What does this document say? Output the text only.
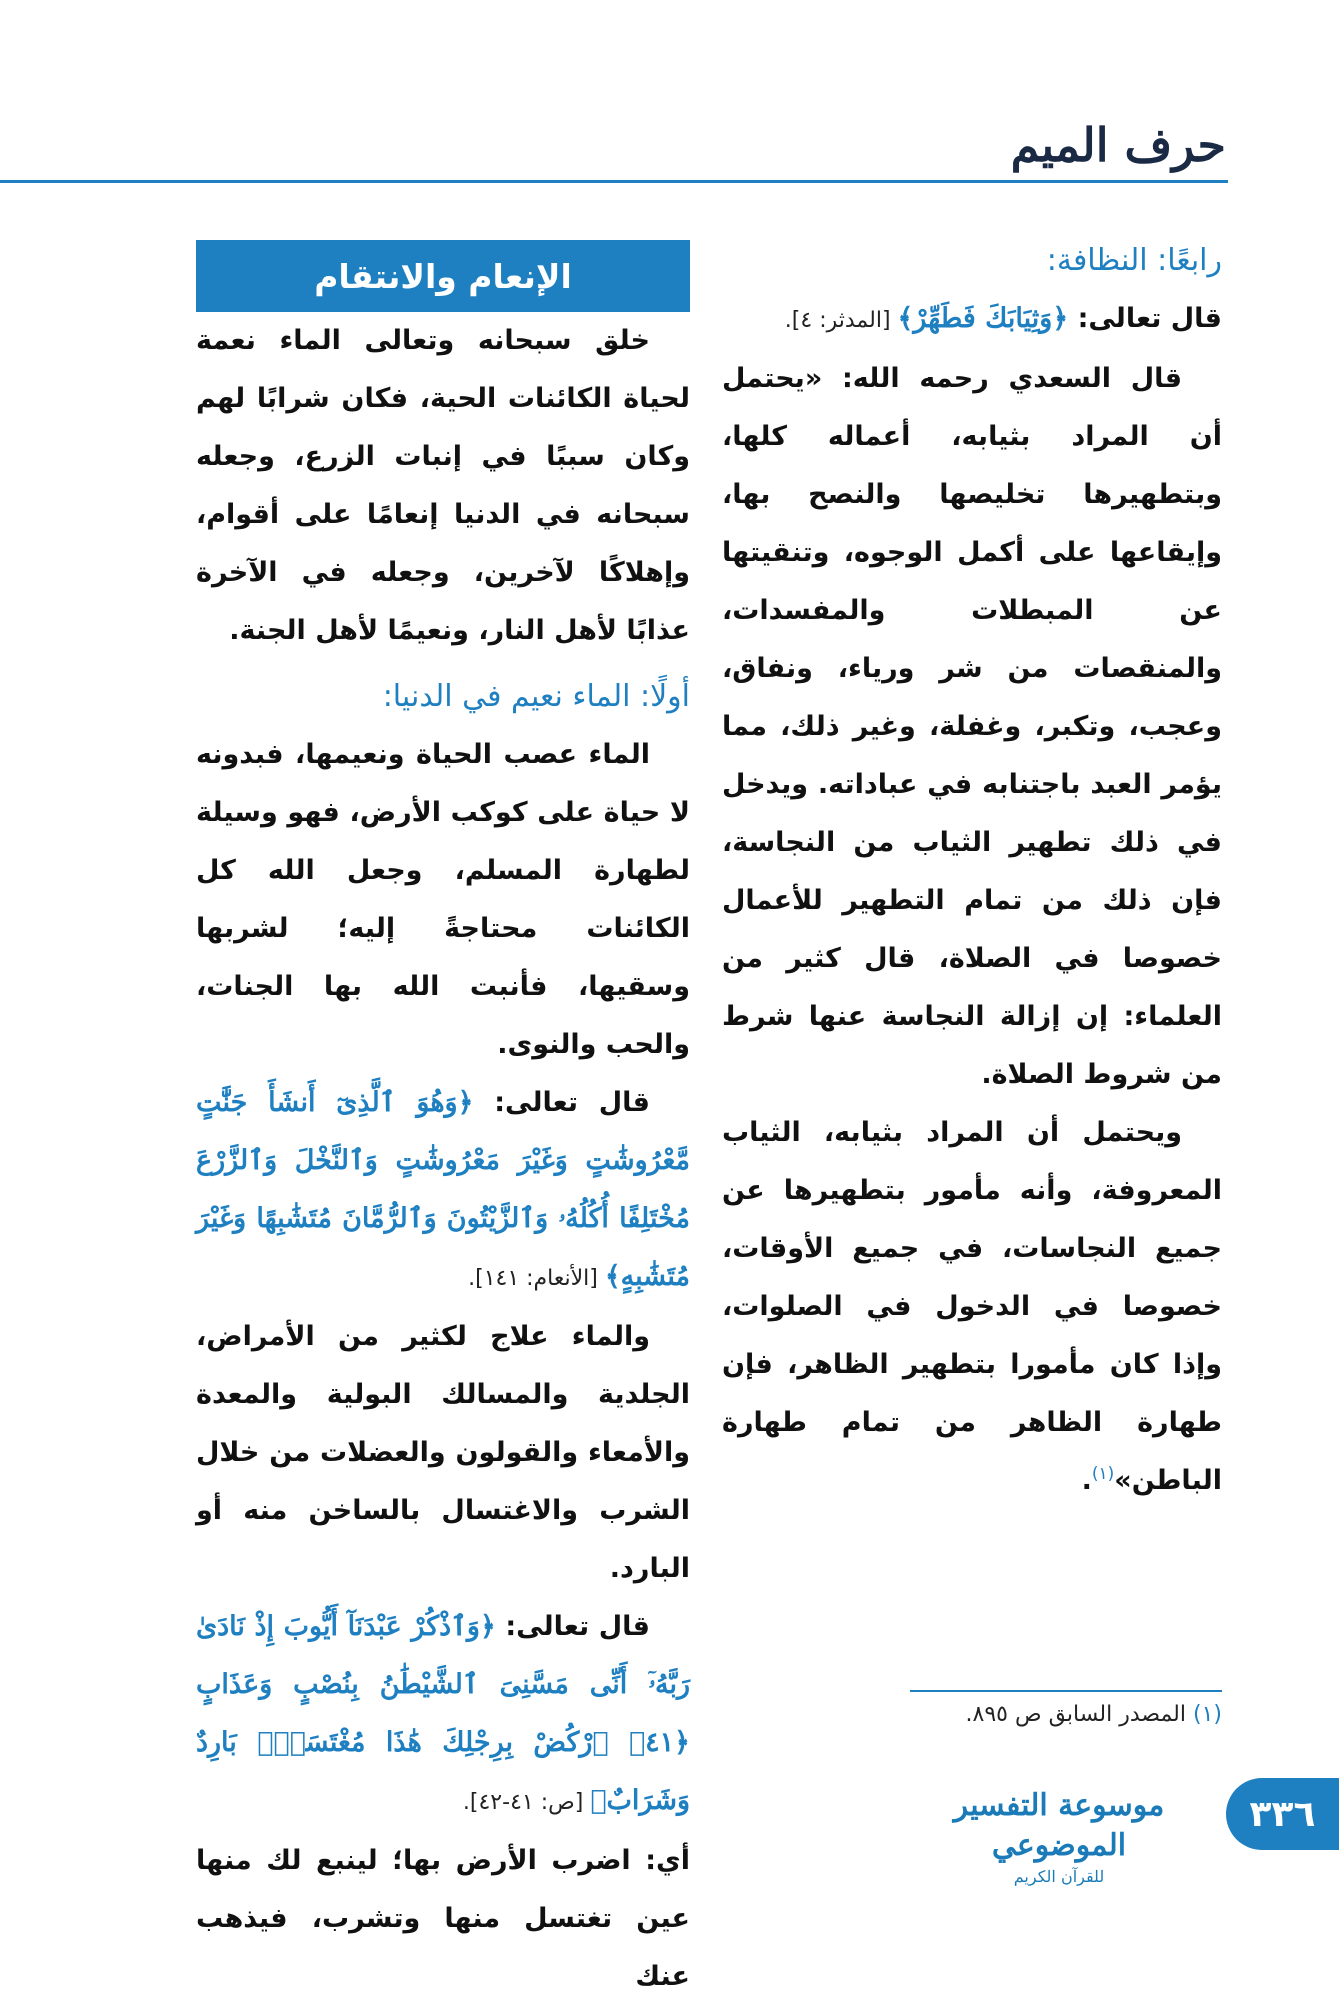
حرف الميم

رابعًا: النظافة:

قال تعالى: ﴿وَثِيَابَكَ فَطَهِّرْ﴾ [المدثر: ٤].

قال السعدي رحمه الله: «يحتمل أن المراد بثيابه، أعماله كلها، وبتطهيرها تخليصها والنصح بها، وإيقاعها على أكمل الوجوه، وتنقيتها عن المبطلات والمفسدات، والمنقصات من شر ورياء، ونفاق، وعجب، وتكبر، وغفلة، وغير ذلك، مما يؤمر العبد باجتنابه في عباداته. ويدخل في ذلك تطهير الثياب من النجاسة، فإن ذلك من تمام التطهير للأعمال خصوصا في الصلاة، قال كثير من العلماء: إن إزالة النجاسة عنها شرط من شروط الصلاة.

ويحتمل أن المراد بثيابه، الثياب المعروفة، وأنه مأمور بتطهيرها عن جميع النجاسات، في جميع الأوقات، خصوصا في الدخول في الصلوات، وإذا كان مأمورا بتطهير الظاهر، فإن طهارة الظاهر من تمام طهارة الباطن»$^{(١)}$.

الإنعام والانتقام

خلق سبحانه وتعالى الماء نعمة لحياة الكائنات الحية، فكان شرابًا لهم وكان سببًا في إنبات الزرع، وجعله سبحانه في الدنيا إنعامًا على أقوام، وإهلاكًا لآخرين، وجعله في الآخرة عذابًا لأهل النار، ونعيمًا لأهل الجنة.

أولًا: الماء نعيم في الدنيا:

الماء عصب الحياة ونعيمها، فبدونه لا حياة على كوكب الأرض، فهو وسيلة لطهارة المسلم، وجعل الله كل الكائنات محتاجةً إليه؛ لشربها وسقيها، فأنبت الله بها الجنات، والحب والنوى.

قال تعالى: ﴿وَهُوَ ٱلَّذِىٓ أَنشَأَ جَنَّٰتٍ مَّعْرُوشَٰتٍ وَغَيْرَ مَعْرُوشَٰتٍ وَٱلنَّخْلَ وَٱلزَّرْعَ مُخْتَلِفًا أُكُلُهُۥ وَٱلزَّيْتُونَ وَٱلرُّمَّانَ مُتَشَٰبِهًا وَغَيْرَ مُتَشَٰبِهٍ﴾ [الأنعام: ١٤١].

والماء علاج لكثير من الأمراض، الجلدية والمسالك البولية والمعدة والأمعاء والقولون والعضلات من خلال الشرب والاغتسال بالساخن منه أو البارد.

قال تعالى: ﴿وَٱذْكُرْ عَبْدَنَآ أَيُّوبَ إِذْ نَادَىٰ رَبَّهُۥٓ أَنِّى مَسَّنِىَ ٱلشَّيْطَٰنُ بِنُصْبٍ وَعَذَابٍ ﴿٤١﴾ ٱرْكُضْ بِرِجْلِكَ هَٰذَا مُغْتَسَلٌۢ بَارِدٌ وَشَرَابٌ﴾ [ص: ٤١-٤٢].

أي: اضرب الأرض بها؛ لينبع لك منها عين تغتسل منها وتشرب، فيذهب عنك

(١) المصدر السابق ص ٨٩٥.
موسوعة التفسير الموضوعي
للقرآن الكريم
٣٣٦
